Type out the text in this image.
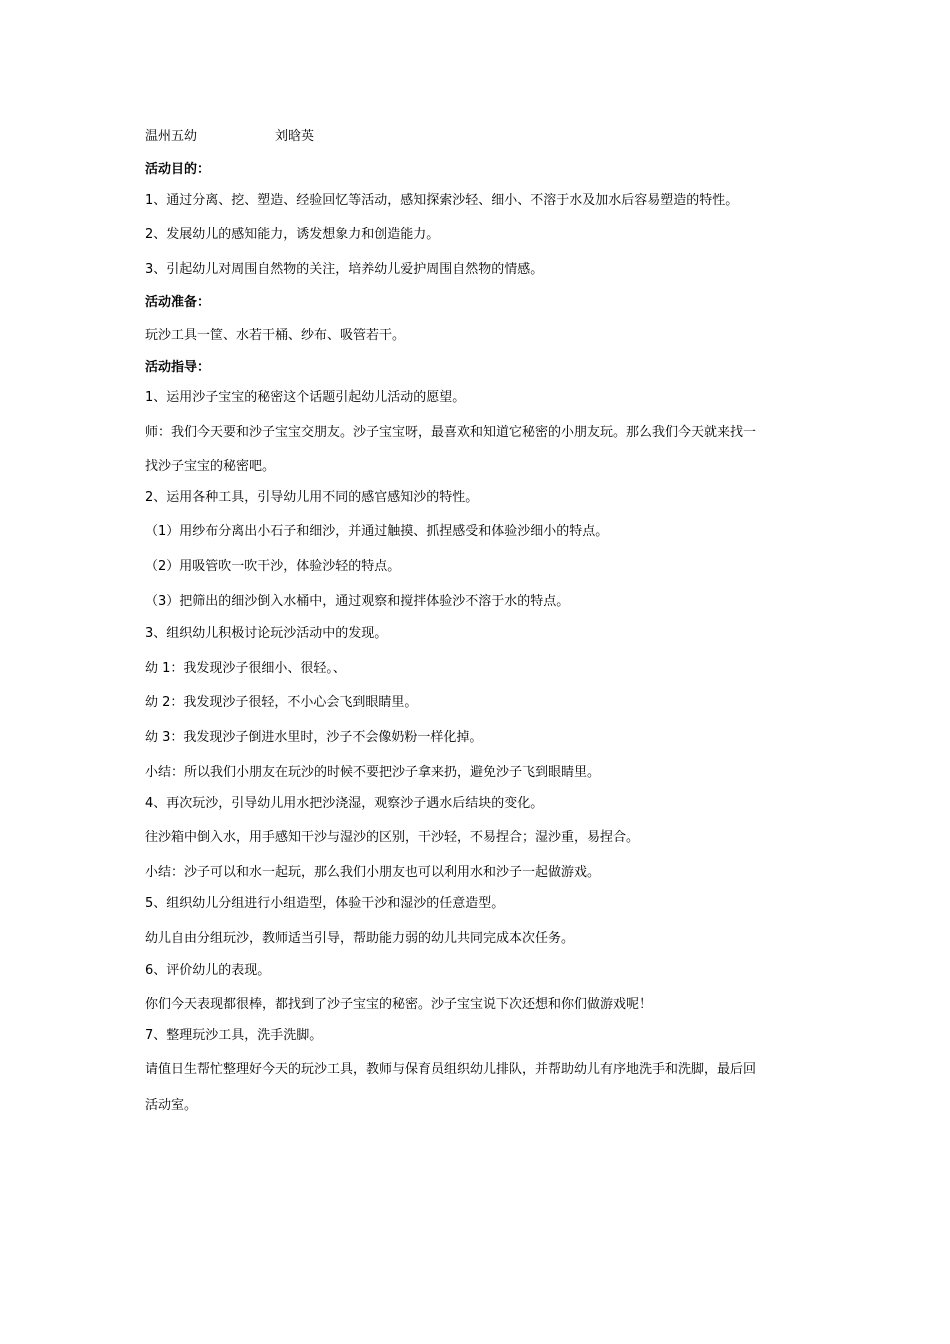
温州五幼	刘晗英
活动目的：
1、通过分离、挖、塑造、经验回忆等活动，感知探索沙轻、细小、不溶于水及加水后容易塑造的特性。
2、发展幼儿的感知能力，诱发想象力和创造能力。
3、引起幼儿对周围自然物的关注，培养幼儿爱护周围自然物的情感。
活动准备：
玩沙工具一筐、水若干桶、纱布、吸管若干。
活动指导：
1、运用沙子宝宝的秘密这个话题引起幼儿活动的愿望。
师：我们今天要和沙子宝宝交朋友。沙子宝宝呀，最喜欢和知道它秘密的小朋友玩。那么我们今天就来找一
找沙子宝宝的秘密吧。
2、运用各种工具，引导幼儿用不同的感官感知沙的特性。
（1）用纱布分离出小石子和细沙，并通过触摸、抓捏感受和体验沙细小的特点。
（2）用吸管吹一吹干沙，体验沙轻的特点。
（3）把筛出的细沙倒入水桶中，通过观察和搅拌体验沙不溶于水的特点。
3、组织幼儿积极讨论玩沙活动中的发现。
幼 1：我发现沙子很细小、很轻。、
幼 2：我发现沙子很轻，不小心会飞到眼睛里。
幼 3：我发现沙子倒进水里时，沙子不会像奶粉一样化掉。
小结：所以我们小朋友在玩沙的时候不要把沙子拿来扔，避免沙子飞到眼睛里。
4、再次玩沙，引导幼儿用水把沙浇湿，观察沙子遇水后结块的变化。
往沙箱中倒入水，用手感知干沙与湿沙的区别，干沙轻，不易捏合；湿沙重，易捏合。
小结：沙子可以和水一起玩，那么我们小朋友也可以利用水和沙子一起做游戏。
5、组织幼儿分组进行小组造型，体验干沙和湿沙的任意造型。
幼儿自由分组玩沙，教师适当引导，帮助能力弱的幼儿共同完成本次任务。
6、评价幼儿的表现。
你们今天表现都很棒，都找到了沙子宝宝的秘密。沙子宝宝说下次还想和你们做游戏呢！
7、整理玩沙工具，洗手洗脚。
请值日生帮忙整理好今天的玩沙工具，教师与保育员组织幼儿排队，并帮助幼儿有序地洗手和洗脚，最后回
活动室。
